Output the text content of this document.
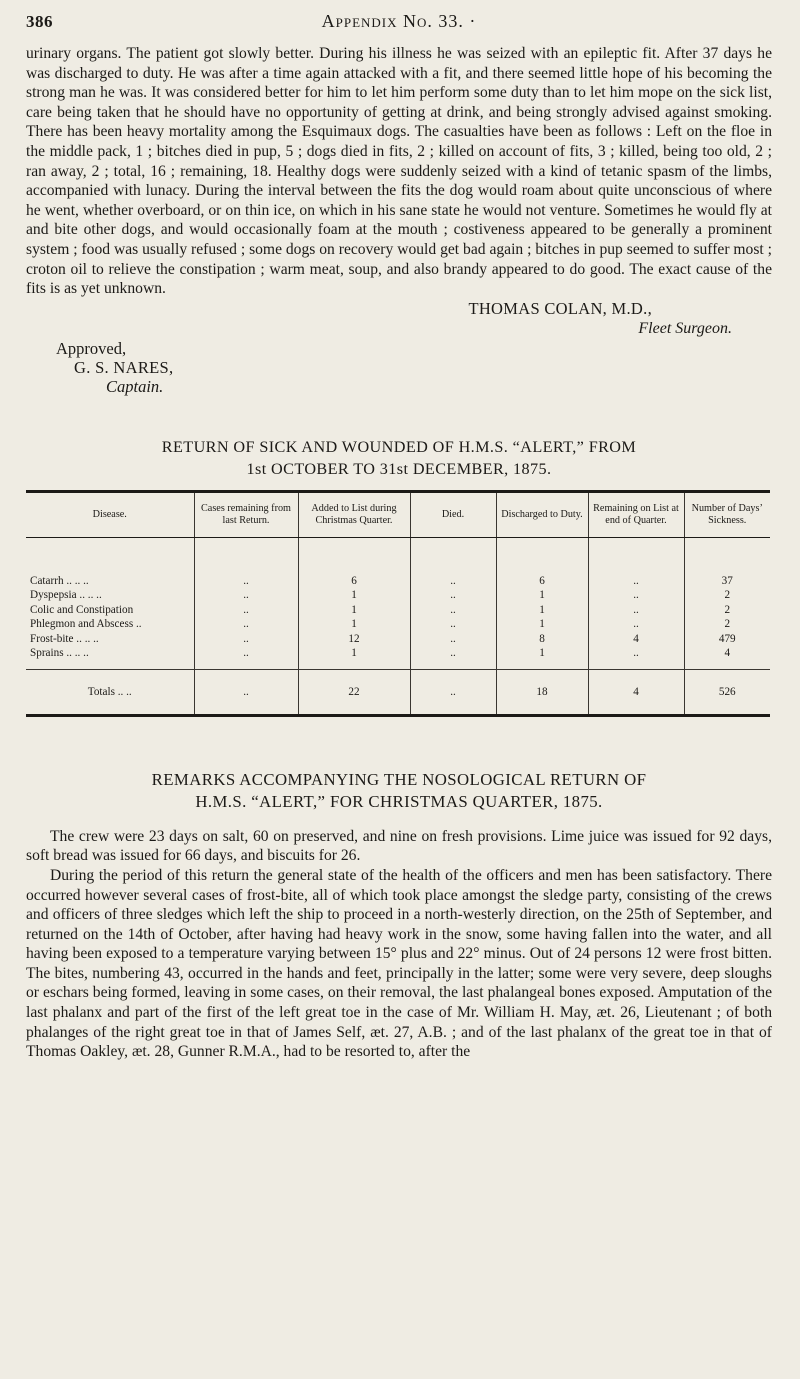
386	Appendix No. 33. ·

urinary organs. The patient got slowly better. During his illness he was seized with an epileptic fit. After 37 days he was discharged to duty. He was after a time again attacked with a fit, and there seemed little hope of his becoming the strong man he was. It was considered better for him to let him perform some duty than to let him mope on the sick list, care being taken that he should have no opportunity of getting at drink, and being strongly advised against smoking. There has been heavy mortality among the Esquimaux dogs. The casualties have been as follows : Left on the floe in the middle pack, 1 ; bitches died in pup, 5 ; dogs died in fits, 2 ; killed on account of fits, 3 ; killed, being too old, 2 ; ran away, 2 ; total, 16 ; remaining, 18. Healthy dogs were suddenly seized with a kind of tetanic spasm of the limbs, accompanied with lunacy. During the interval between the fits the dog would roam about quite unconscious of where he went, whether overboard, or on thin ice, on which in his sane state he would not venture. Sometimes he would fly at and bite other dogs, and would occasionally foam at the mouth ; costiveness appeared to be generally a prominent system ; food was usually refused ; some dogs on recovery would get bad again ; bitches in pup seemed to suffer most ; croton oil to relieve the constipation ; warm meat, soup, and also brandy appeared to do good. The exact cause of the fits is as yet unknown.

THOMAS COLAN, M.D.,
Fleet Surgeon.
Approved,
G. S. NARES,
Captain.
RETURN OF SICK AND WOUNDED OF H.M.S. “ALERT,” FROM
1st OCTOBER TO 31st DECEMBER, 1875.
Disease.	Cases remaining from last Return.	Added to List during Christmas Quarter.	Died.	Discharged to Duty.	Remaining on List at end of Quarter.	Number of Days’ Sickness.
Catarrh .. .. ..	..	6	..	6	..	37
Dyspepsia .. .. ..	..	1	..	1	..	2
Colic and Constipation	..	1	..	1	..	2
Phlegmon and Abscess ..	..	1	..	1	..	2
Frost-bite .. .. ..	..	12	..	8	4	479
Sprains .. .. ..	..	1	..	1	..	4
Totals .. ..	..	22	..	18	4	526
REMARKS ACCOMPANYING THE NOSOLOGICAL RETURN OF
H.M.S. “ALERT,” FOR CHRISTMAS QUARTER, 1875.

The crew were 23 days on salt, 60 on preserved, and nine on fresh provisions. Lime juice was issued for 92 days, soft bread was issued for 66 days, and biscuits for 26.

During the period of this return the general state of the health of the officers and men has been satisfactory. There occurred however several cases of frost-bite, all of which took place amongst the sledge party, consisting of the crews and officers of three sledges which left the ship to proceed in a north-westerly direction, on the 25th of September, and returned on the 14th of October, after having had heavy work in the snow, some having fallen into the water, and all having been exposed to a temperature varying between 15° plus and 22° minus. Out of 24 persons 12 were frost bitten. The bites, numbering 43, occurred in the hands and feet, principally in the latter; some were very severe, deep sloughs or eschars being formed, leaving in some cases, on their removal, the last phalangeal bones exposed. Amputation of the last phalanx and part of the first of the left great toe in the case of Mr. William H. May, æt. 26, Lieutenant ; of both phalanges of the right great toe in that of James Self, æt. 27, A.B. ; and of the last phalanx of the great toe in that of Thomas Oakley, æt. 28, Gunner R.M.A., had to be resorted to, after the
